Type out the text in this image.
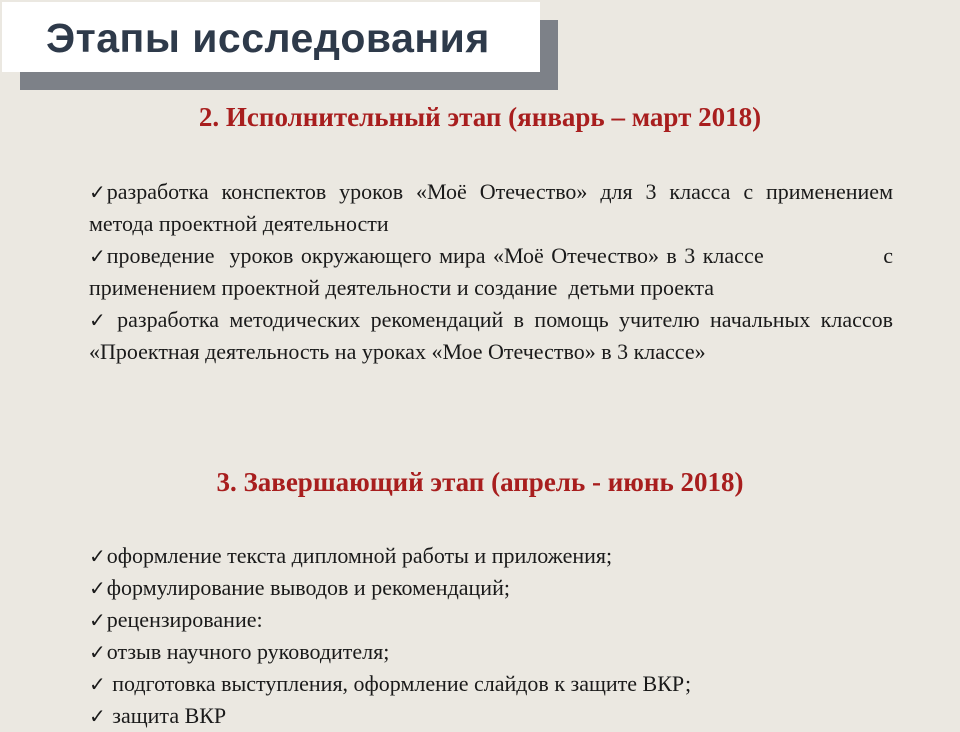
Этапы исследования
2. Исполнительный этап (январь – март 2018)
✓разработка конспектов уроков «Моё Отечество» для 3 класса с применением метода проектной деятельности
✓проведение  уроков окружающего мира «Моё Отечество» в 3 классе                с применением проектной деятельности и создание  детьми проекта
✓ разработка методических рекомендаций в помощь учителю начальных классов «Проектная деятельность на уроках «Мое Отечество» в 3 классе»
3. Завершающий этап (апрель - июнь 2018)
✓оформление текста дипломной работы и приложения;
✓формулирование выводов и рекомендаций;
✓рецензирование:
✓отзыв научного руководителя;
✓ подготовка выступления, оформление слайдов к защите ВКР;
✓ защита ВКР
